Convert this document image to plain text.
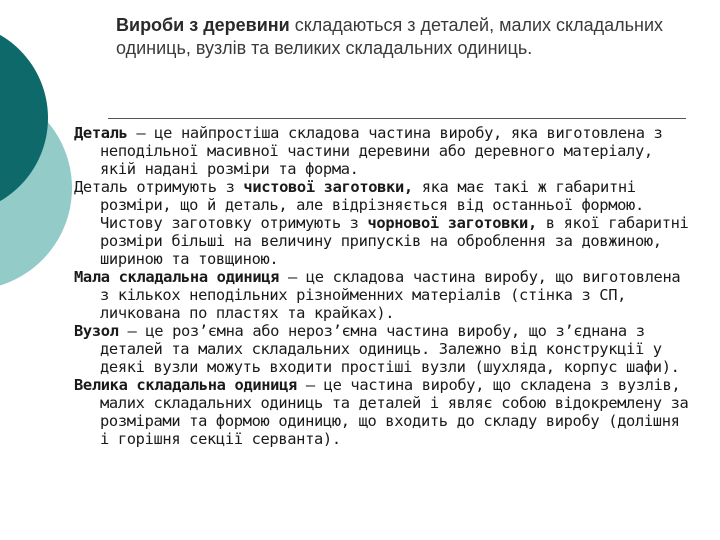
Вироби з деревини складаються з деталей, малих складальних одиниць, вузлів та великих складальних одиниць.

Деталь – це найпростіша складова частина виробу, яка виготовлена з неподільної масивної частини деревини або деревного матеріалу, якій надані розміри та форма.

Деталь отримують з чистової заготовки, яка має такі ж габаритні розміри, що й деталь, але відрізняється від останньої формою. Чистову заготовку отримують з чорнової заготовки, в якої габаритні розміри більші на величину припусків на оброблення за довжиною, шириною та товщиною.

Мала складальна одиниця – це складова частина виробу, що виготовлена з кількох неподільних різнойменних матеріалів (стінка з СП, личкована по пластях та крайках).

Вузол – це роз’ємна або нероз’ємна частина виробу, що з’єднана з деталей та малих складальних одиниць. Залежно від конструкції у деякі вузли можуть входити простіші вузли (шухляда, корпус шафи).

Велика складальна одиниця – це частина виробу, що складена з вузлів, малих складальних одиниць та деталей і являє собою відокремлену за розмірами та формою одиницю, що входить до складу виробу (долішня і горішня секції серванта).
